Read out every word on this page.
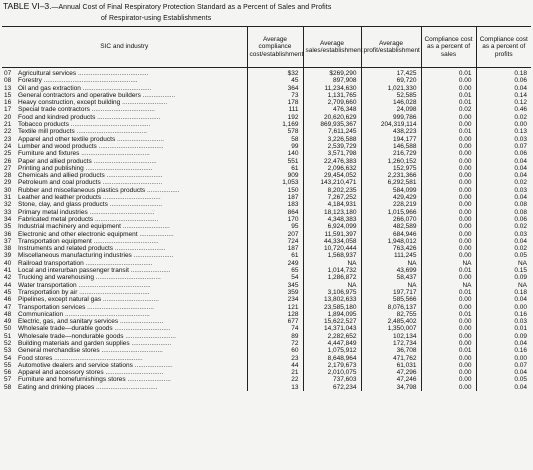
TABLE VI–3.—Annual Cost of Final Respiratory Protection Standard as a Percent of Sales and Profits
of Respirator-using Establishments
SIC and industry		Average compliance cost/establishment	Average sales/establishment	Average profit/establishment	Compliance cost as a percent of sales	Compliance cost as a percent of profits
07	Agricultural services .......................................	$32	$269,290	17,425	0.01	0.18
08	Forestry ....................................................	45	897,908	69,720	0.00	0.06
13	Oil and gas extraction ......................................	364	11,234,630	1,021,330	0.00	0.04
15	General contractors and operative builders ..................	73	1,131,765	52,585	0.01	0.14
16	Heavy construction, except building .........................	178	2,709,660	146,028	0.01	0.12
17	Special trade contractors ...................................	111	476,348	24,098	0.02	0.46
20	Food and kindred products ...................................	192	20,620,629	999,786	0.00	0.02
21	Tobacco products ............................................	1,169	869,935,367	204,319,114	0.00	0.00
22	Textile mill products .......................................	578	7,611,245	438,223	0.01	0.13
23	Apparel and other textile products ..........................	58	3,226,588	194,177	0.00	0.03
24	Lumber and wood products ....................................	99	2,539,729	146,588	0.00	0.07
25	Furniture and fixtures ......................................	140	3,571,798	216,729	0.00	0.06
26	Paper and allied products ...................................	551	22,476,383	1,260,152	0.00	0.04
27	Printing and publishing .....................................	61	2,096,632	152,975	0.00	0.04
28	Chemicals and allied products ...............................	909	29,454,052	2,231,366	0.00	0.04
29	Petroleum and coal products .................................	1,053	143,210,471	6,292,581	0.00	0.02
30	Rubber and miscellaneous plastics products ..................	150	8,202,235	584,099	0.00	0.03
31	Leather and leather products ................................	187	7,267,252	429,429	0.00	0.04
32	Stone, clay, and glass products .............................	183	4,184,931	228,219	0.00	0.08
33	Primary metal industries ....................................	864	18,123,180	1,015,966	0.00	0.08
34	Fabricated metal products ...................................	170	4,348,383	266,070	0.00	0.06
35	Industrial machinery and equipment ..........................	95	6,924,099	482,589	0.00	0.02
36	Electronic and other electronic equipment ...................	207	11,591,397	684,946	0.00	0.03
37	Transportation equipment ....................................	724	44,334,058	1,948,012	0.00	0.04
38	Instruments and related products ............................	187	10,720,444	763,426	0.00	0.02
39	Miscellaneous manufacturing industries ......................	61	1,568,937	111,245	0.00	0.05
40	Railroad transportation .....................................	249	NA	NA	NA	NA
41	Local and interurban passenger transit ......................	65	1,014,732	43,699	0.01	0.15
42	Trucking and warehousing ....................................	54	1,286,872	58,437	0.00	0.09
44	Water transportation ........................................	345	NA	NA	NA	NA
45	Transportation by air .......................................	359	3,106,975	197,717	0.01	0.18
46	Pipelines, except natural gas ...............................	234	13,802,633	585,566	0.00	0.04
47	Transportation services .....................................	121	23,585,180	8,076,137	0.00	0.00
48	Communication ...............................................	128	1,894,095	82,755	0.01	0.16
49	Electric, gas, and sanitary services ........................	677	15,622,527	2,485,402	0.00	0.03
50	Wholesale trade—durable goods ...............................	74	14,371,043	1,350,007	0.00	0.01
51	Wholesale trade—nondurable goods ............................	89	2,282,652	102,134	0.00	0.09
52	Building materials and garden supplies ......................	72	4,447,849	172,734	0.00	0.04
53	General merchandise stores ..................................	60	1,075,912	36,708	0.01	0.16
54	Food stores .................................................	23	8,648,964	471,762	0.00	0.00
55	Automotive dealers and service stations .....................	44	2,179,673	61,031	0.00	0.07
56	Apparel and accessory stores ................................	21	2,010,075	47,296	0.00	0.04
57	Furniture and homefurnishings stores ........................	22	737,603	47,246	0.00	0.05
58	Eating and drinking places ..................................	13	672,234	34,798	0.00	0.04
